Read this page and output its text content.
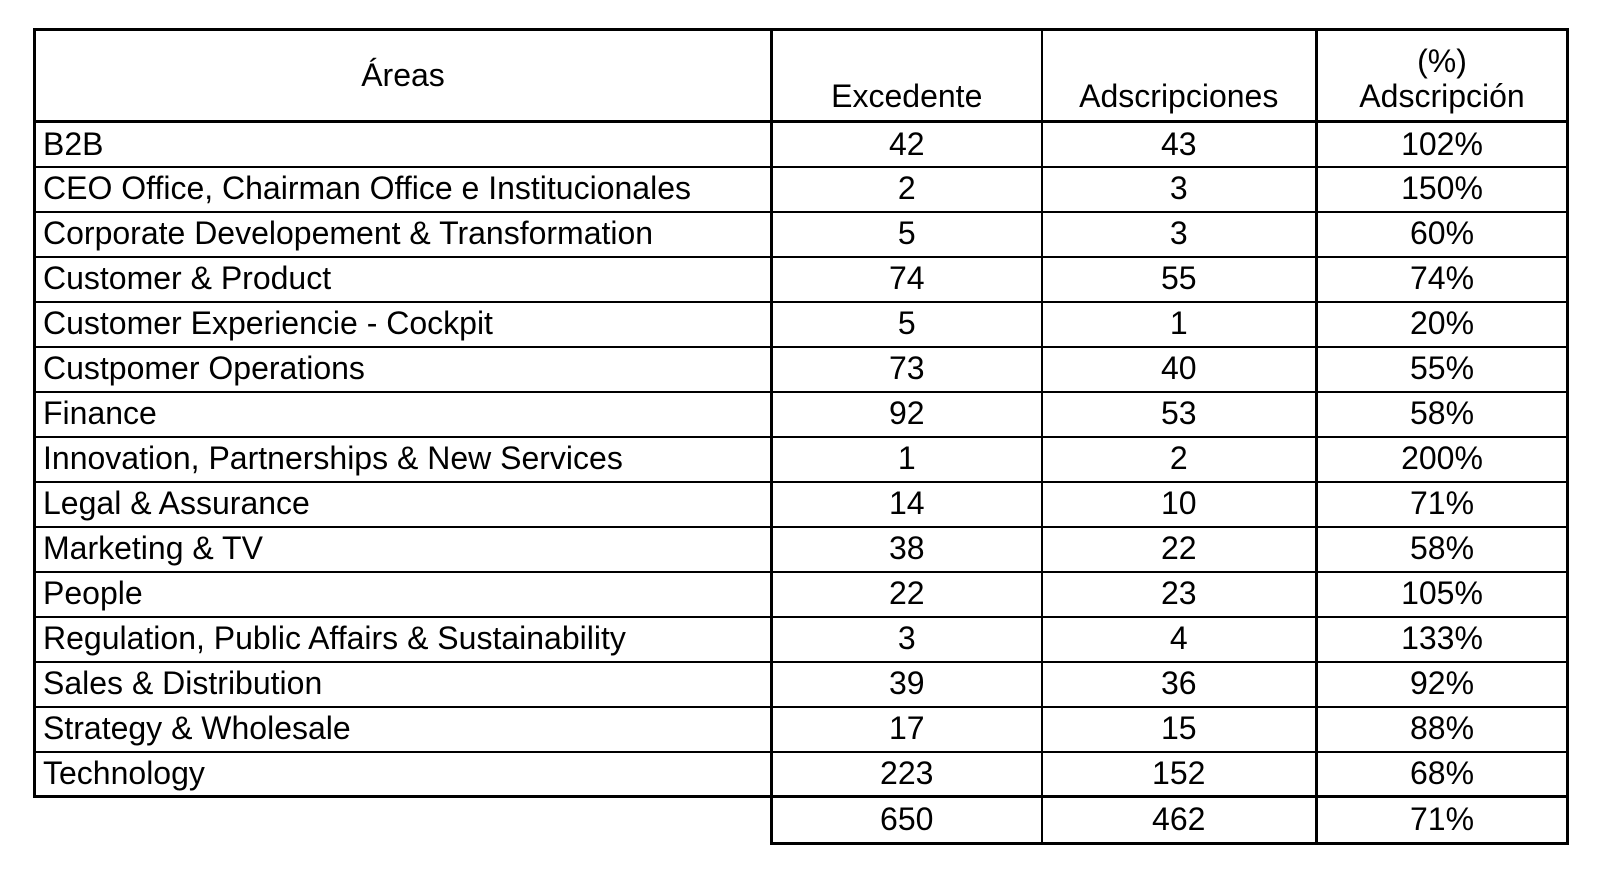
Áreas	Excedente	Adscripciones	(%)
Adscripción

B2B	42	43	102%
CEO Office, Chairman Office e Institucionales	2	3	150%
Corporate Developement & Transformation	5	3	60%
Customer & Product	74	55	74%
Customer Experiencie - Cockpit	5	1	20%
Custpomer Operations	73	40	55%
Finance	92	53	58%
Innovation, Partnerships & New Services	1	2	200%
Legal & Assurance	14	10	71%
Marketing & TV	38	22	58%
People	22	23	105%
Regulation, Public Affairs & Sustainability	3	4	133%
Sales & Distribution	39	36	92%
Strategy & Wholesale	17	15	88%
Technology	223	152	68%
	650	462	71%
